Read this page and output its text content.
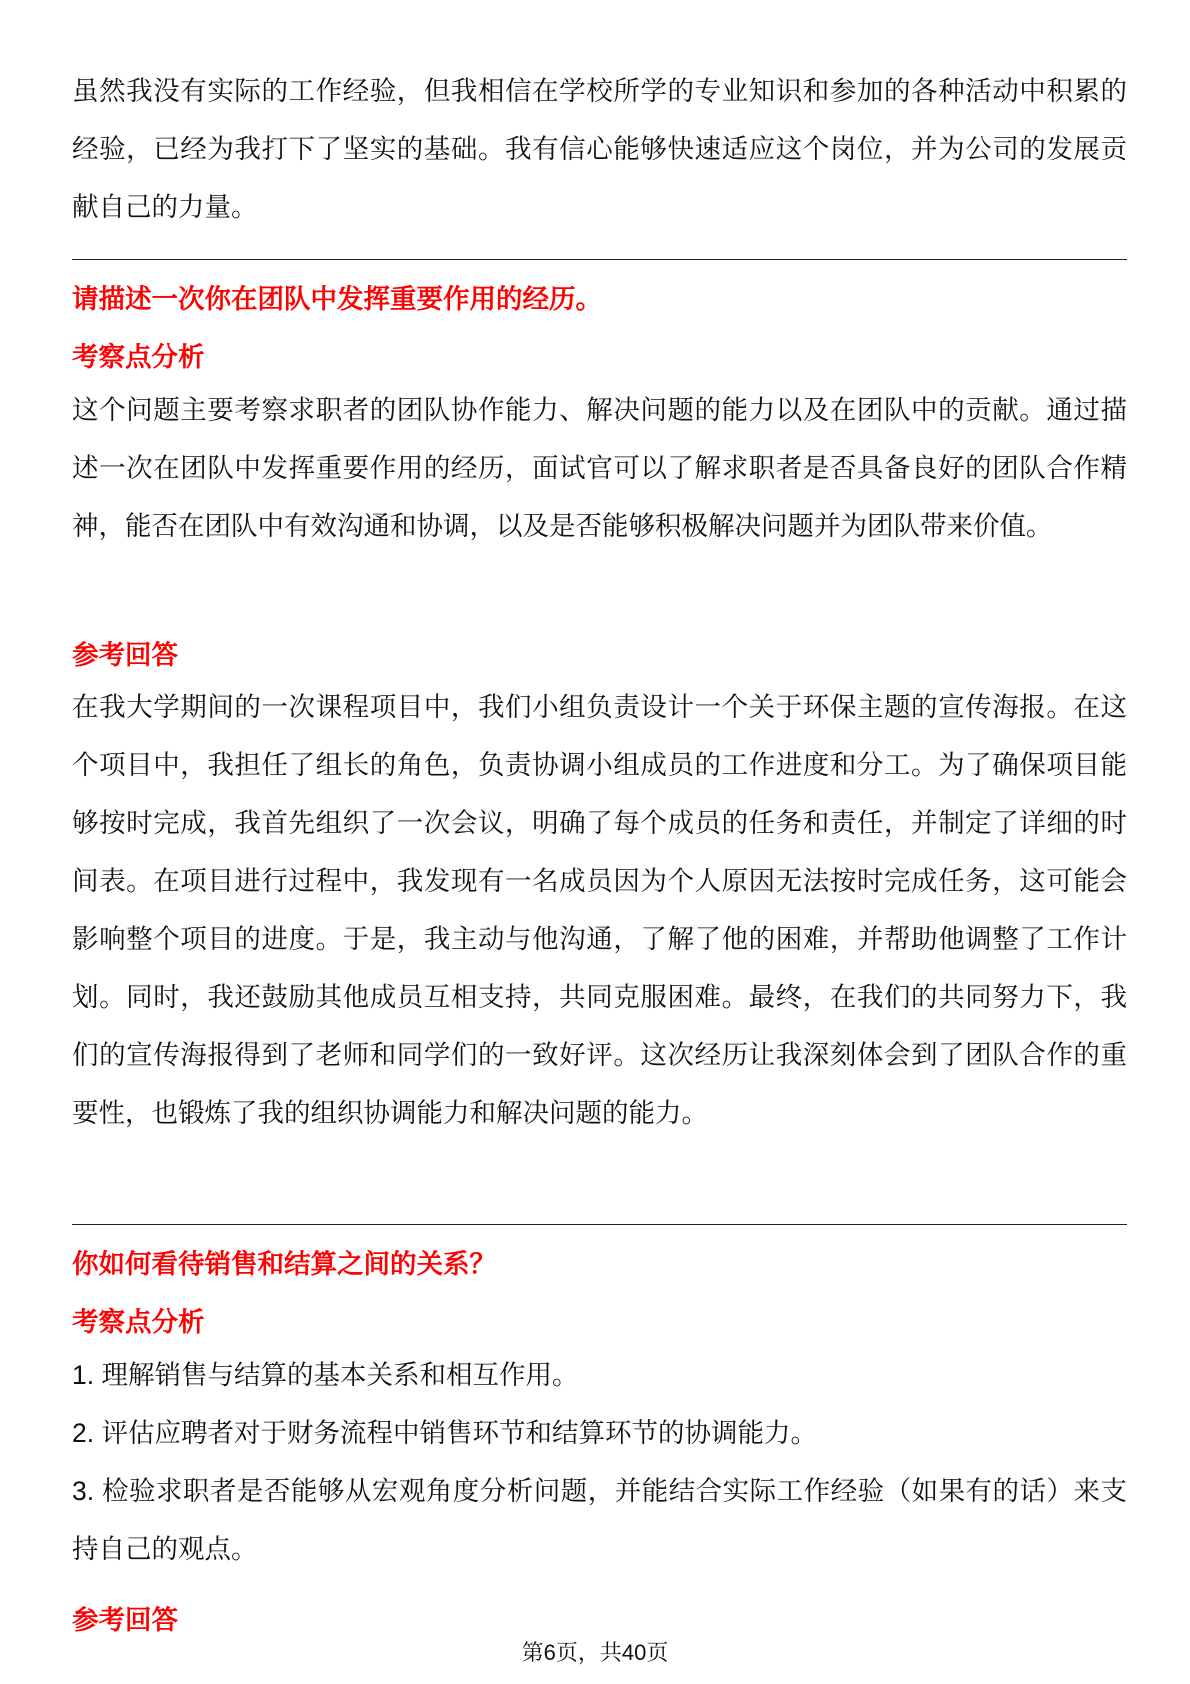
虽然我没有实际的工作经验，但我相信在学校所学的专业知识和参加的各种活动中积累的经验，已经为我打下了坚实的基础。我有信心能够快速适应这个岗位，并为公司的发展贡献自己的力量。

请描述一次你在团队中发挥重要作用的经历。

考察点分析

这个问题主要考察求职者的团队协作能力、解决问题的能力以及在团队中的贡献。通过描述一次在团队中发挥重要作用的经历，面试官可以了解求职者是否具备良好的团队合作精神，能否在团队中有效沟通和协调，以及是否能够积极解决问题并为团队带来价值。

参考回答

在我大学期间的一次课程项目中，我们小组负责设计一个关于环保主题的宣传海报。在这个项目中，我担任了组长的角色，负责协调小组成员的工作进度和分工。为了确保项目能够按时完成，我首先组织了一次会议，明确了每个成员的任务和责任，并制定了详细的时间表。在项目进行过程中，我发现有一名成员因为个人原因无法按时完成任务，这可能会影响整个项目的进度。于是，我主动与他沟通，了解了他的困难，并帮助他调整了工作计划。同时，我还鼓励其他成员互相支持，共同克服困难。最终，在我们的共同努力下，我们的宣传海报得到了老师和同学们的一致好评。这次经历让我深刻体会到了团队合作的重要性，也锻炼了我的组织协调能力和解决问题的能力。

你如何看待销售和结算之间的关系？

考察点分析

1. 理解销售与结算的基本关系和相互作用。

2. 评估应聘者对于财务流程中销售环节和结算环节的协调能力。

3. 检验求职者是否能够从宏观角度分析问题，并能结合实际工作经验（如果有的话）来支持自己的观点。

参考回答

第6页，共40页
